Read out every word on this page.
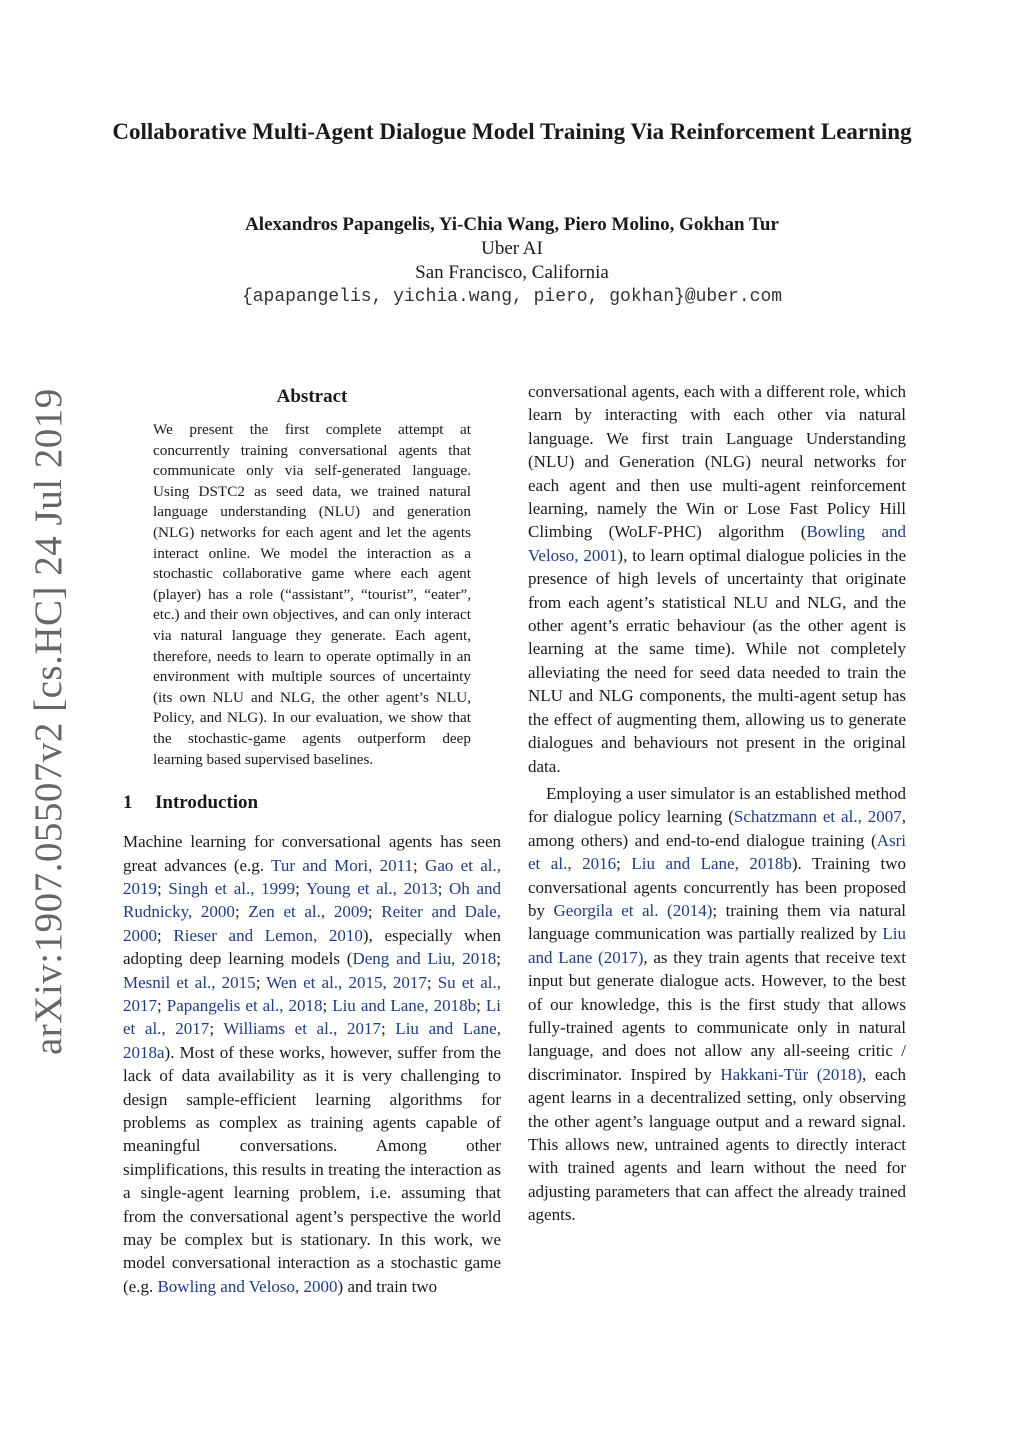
Collaborative Multi-Agent Dialogue Model Training Via Reinforcement Learning
Alexandros Papangelis, Yi-Chia Wang, Piero Molino, Gokhan Tur
Uber AI
San Francisco, California
{apapangelis, yichia.wang, piero, gokhan}@uber.com
arXiv:1907.05507v2 [cs.HC] 24 Jul 2019	Abstract

We present the first complete attempt at concurrently training conversational agents that communicate only via self-generated language. Using DSTC2 as seed data, we trained natural language understanding (NLU) and generation (NLG) networks for each agent and let the agents interact online. We model the interaction as a stochastic collaborative game where each agent (player) has a role (“assistant”, “tourist”, “eater”, etc.) and their own objectives, and can only interact via natural language they generate. Each agent, therefore, needs to learn to operate optimally in an environment with multiple sources of uncertainty (its own NLU and NLG, the other agent’s NLU, Policy, and NLG). In our evaluation, we show that the stochastic-game agents outperform deep learning based supervised baselines.

1 Introduction

Machine learning for conversational agents has seen great advances (e.g. Tur and Mori, 2011; Gao et al., 2019; Singh et al., 1999; Young et al., 2013; Oh and Rudnicky, 2000; Zen et al., 2009; Reiter and Dale, 2000; Rieser and Lemon, 2010), especially when adopting deep learning models (Deng and Liu, 2018; Mesnil et al., 2015; Wen et al., 2015, 2017; Su et al., 2017; Papangelis et al., 2018; Liu and Lane, 2018b; Li et al., 2017; Williams et al., 2017; Liu and Lane, 2018a). Most of these works, however, suffer from the lack of data availability as it is very challenging to design sample-efficient learning algorithms for problems as complex as training agents capable of meaningful conversations. Among other simplifications, this results in treating the interaction as a single-agent learning problem, i.e. assuming that from the conversational agent’s perspective the world may be complex but is stationary. In this work, we model conversational interaction as a stochastic game (e.g. Bowling and Veloso, 2000) and train two

conversational agents, each with a different role, which learn by interacting with each other via natural language. We first train Language Understanding (NLU) and Generation (NLG) neural networks for each agent and then use multi-agent reinforcement learning, namely the Win or Lose Fast Policy Hill Climbing (WoLF-PHC) algorithm (Bowling and Veloso, 2001), to learn optimal dialogue policies in the presence of high levels of uncertainty that originate from each agent’s statistical NLU and NLG, and the other agent’s erratic behaviour (as the other agent is learning at the same time). While not completely alleviating the need for seed data needed to train the NLU and NLG components, the multi-agent setup has the effect of augmenting them, allowing us to generate dialogues and behaviours not present in the original data.

Employing a user simulator is an established method for dialogue policy learning (Schatzmann et al., 2007, among others) and end-to-end dialogue training (Asri et al., 2016; Liu and Lane, 2018b). Training two conversational agents concurrently has been proposed by Georgila et al. (2014); training them via natural language communication was partially realized by Liu and Lane (2017), as they train agents that receive text input but generate dialogue acts. However, to the best of our knowledge, this is the first study that allows fully-trained agents to communicate only in natural language, and does not allow any all-seeing critic / discriminator. Inspired by Hakkani-Tür (2018), each agent learns in a decentralized setting, only observing the other agent’s language output and a reward signal. This allows new, untrained agents to directly interact with trained agents and learn without the need for adjusting parameters that can affect the already trained agents.
